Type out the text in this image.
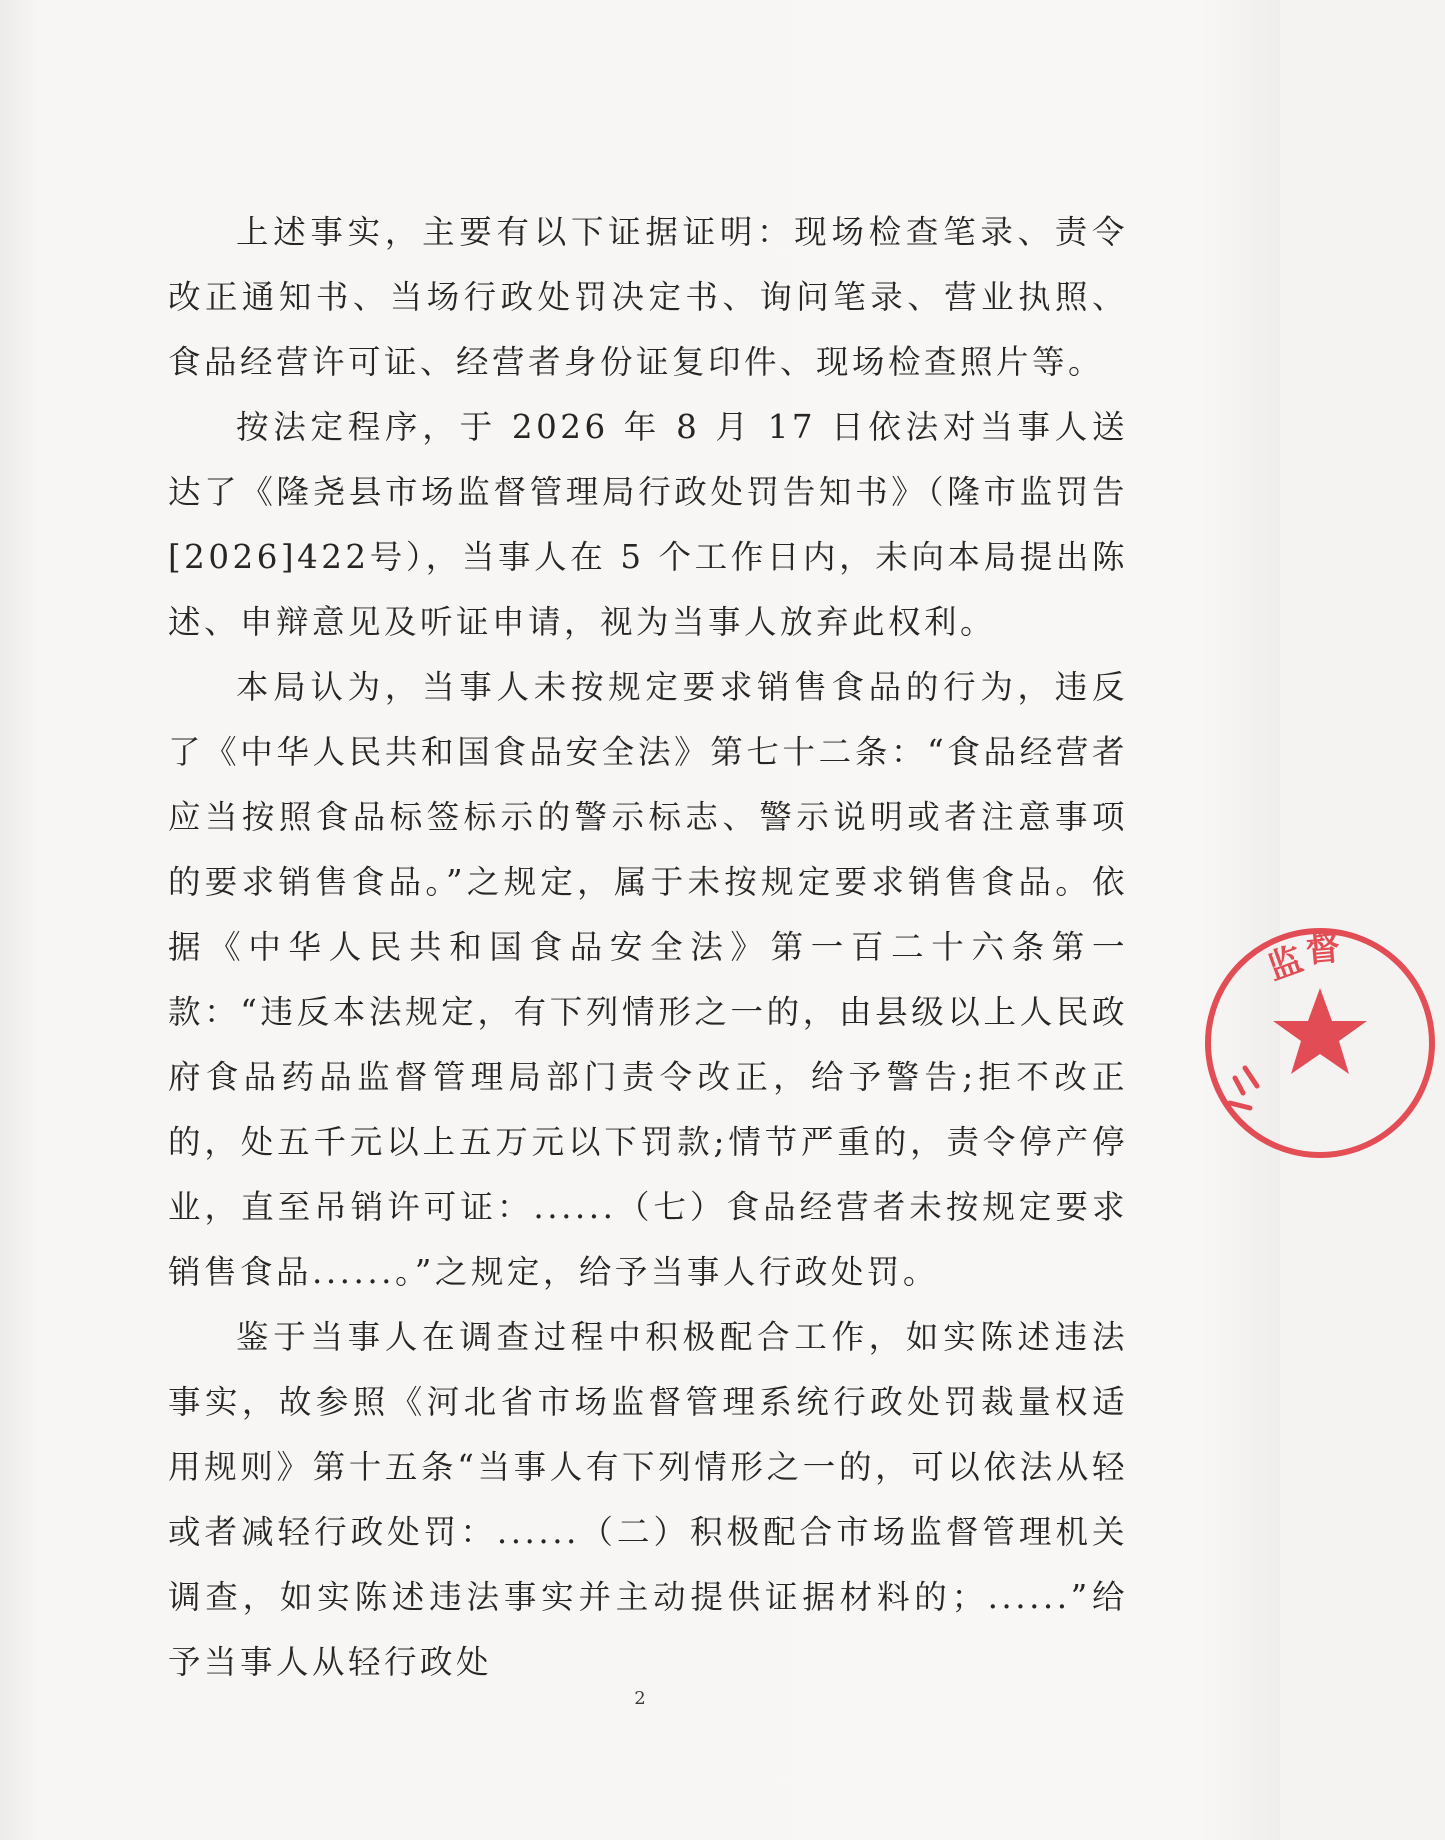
上述事实，主要有以下证据证明：现场检查笔录、责令改正通知书、当场行政处罚决定书、询问笔录、营业执照、食品经营许可证、经营者身份证复印件、现场检查照片等。

按法定程序，于 2026 年 8 月 17 日依法对当事人送达了《隆尧县市场监督管理局行政处罚告知书》（隆市监罚告[2026]422号），当事人在 5 个工作日内，未向本局提出陈述、申辩意见及听证申请，视为当事人放弃此权利。

本局认为，当事人未按规定要求销售食品的行为，违反了《中华人民共和国食品安全法》第七十二条：“食品经营者应当按照食品标签标示的警示标志、警示说明或者注意事项的要求销售食品。”之规定，属于未按规定要求销售食品。依据《中华人民共和国食品安全法》第一百二十六条第一款：“违反本法规定，有下列情形之一的，由县级以上人民政府食品药品监督管理局部门责令改正，给予警告;拒不改正的，处五千元以上五万元以下罚款;情节严重的，责令停产停业，直至吊销许可证：......（七）食品经营者未按规定要求销售食品......。”之规定，给予当事人行政处罚。

鉴于当事人在调查过程中积极配合工作，如实陈述违法事实，故参照《河北省市场监督管理系统行政处罚裁量权适用规则》第十五条“当事人有下列情形之一的，可以依法从轻或者减轻行政处罚：......（二）积极配合市场监督管理机关调查，如实陈述违法事实并主动提供证据材料的；......”给予当事人从轻行政处

2
监
督
